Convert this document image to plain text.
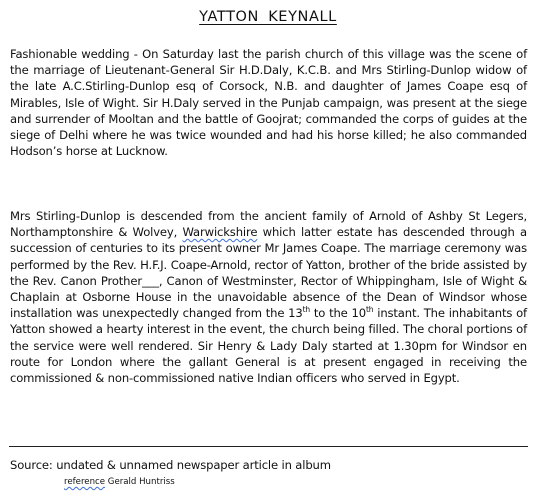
YATTON KEYNALL

Fashionable wedding - On Saturday last the parish church of this village was the scene of the marriage of Lieutenant-General Sir H.D.Daly, K.C.B. and Mrs Stirling-Dunlop widow of the late A.C.Stirling-Dunlop esq of Corsock, N.B. and daughter of James Coape esq of Mirables, Isle of Wight. Sir H.Daly served in the Punjab campaign, was present at the siege and surrender of Mooltan and the battle of Goojrat; commanded the corps of guides at the siege of Delhi where he was twice wounded and had his horse killed; he also commanded Hodson’s horse at Lucknow.

Mrs Stirling-Dunlop is descended from the ancient family of Arnold of Ashby St Legers, Northamptonshire & Wolvey, Warwickshire which latter estate has descended through a succession of centuries to its present owner Mr James Coape. The marriage ceremony was performed by the Rev. H.F.J. Coape-Arnold, rector of Yatton, brother of the bride assisted by the Rev. Canon Prother___, Canon of Westminster, Rector of Whippingham, Isle of Wight & Chaplain at Osborne House in the unavoidable absence of the Dean of Windsor whose installation was unexpectedly changed from the 13th to the 10th instant. The inhabitants of Yatton showed a hearty interest in the event, the church being filled. The choral portions of the service were well rendered. Sir Henry & Lady Daly started at 1.30pm for Windsor en route for London where the gallant General is at present engaged in receiving the commissioned & non-commissioned native Indian officers who served in Egypt.

Source: undated & unnamed newspaper article in album

reference Gerald Huntriss
